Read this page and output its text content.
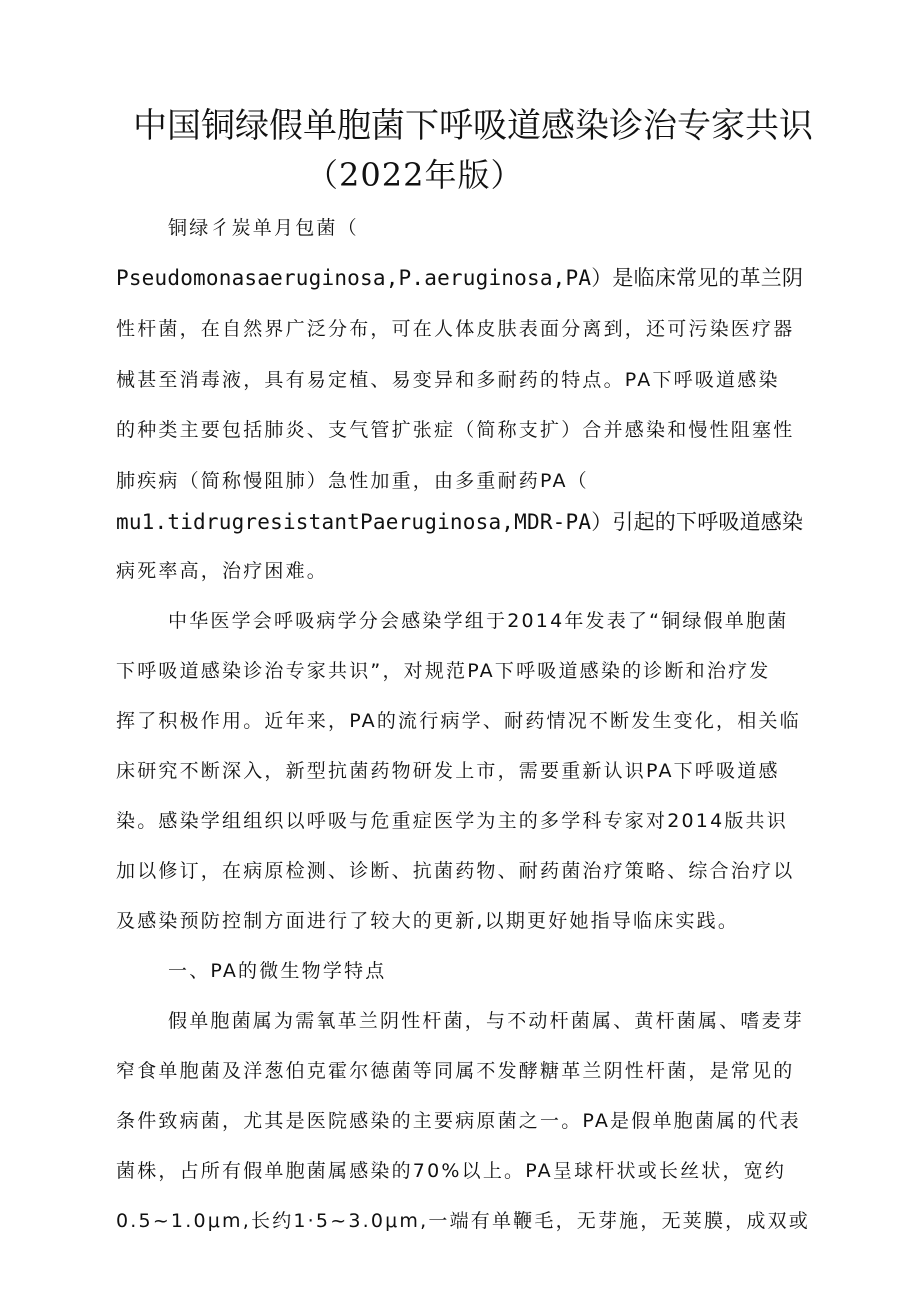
中国铜绿假单胞菌下呼吸道感染诊治专家共识
（2022年版）
铜绿彳炭单月包菌（
Pseudomonasaeruginosa,P.aeruginosa,PA）是临床常见的革兰阴
性杆菌，在自然界广泛分布，可在人体皮肤表面分离到，还可污染医疗器
械甚至消毒液，具有易定植、易变异和多耐药的特点。PA下呼吸道感染
的种类主要包括肺炎、支气管扩张症（简称支扩）合并感染和慢性阻塞性
肺疾病（简称慢阻肺）急性加重，由多重耐药PA（
mu1.tidrugresistantPaeruginosa,MDR-PA）引起的下呼吸道感染
病死率高，治疗困难。
中华医学会呼吸病学分会感染学组于2014年发表了“铜绿假单胞菌
下呼吸道感染诊治专家共识”，对规范PA下呼吸道感染的诊断和治疗发
挥了积极作用。近年来，PA的流行病学、耐药情况不断发生变化，相关临
床研究不断深入，新型抗菌药物研发上市，需要重新认识PA下呼吸道感
染。感染学组组织以呼吸与危重症医学为主的多学科专家对2014版共识
加以修订，在病原检测、诊断、抗菌药物、耐药菌治疗策略、综合治疗以
及感染预防控制方面进行了较大的更新,以期更好她指导临床实践。
一、PA的微生物学特点
假单胞菌属为需氧革兰阴性杆菌，与不动杆菌属、黄杆菌属、嗜麦芽
窄食单胞菌及洋葱伯克霍尔德菌等同属不发酵糖革兰阴性杆菌，是常见的
条件致病菌，尤其是医院感染的主要病原菌之一。PA是假单胞菌属的代表
菌株，占所有假单胞菌属感染的70%以上。PA呈球杆状或长丝状，宽约
0.5~1.0μm,长约1·5~3.0μm,一端有单鞭毛，无芽施，无荚膜，成双或
